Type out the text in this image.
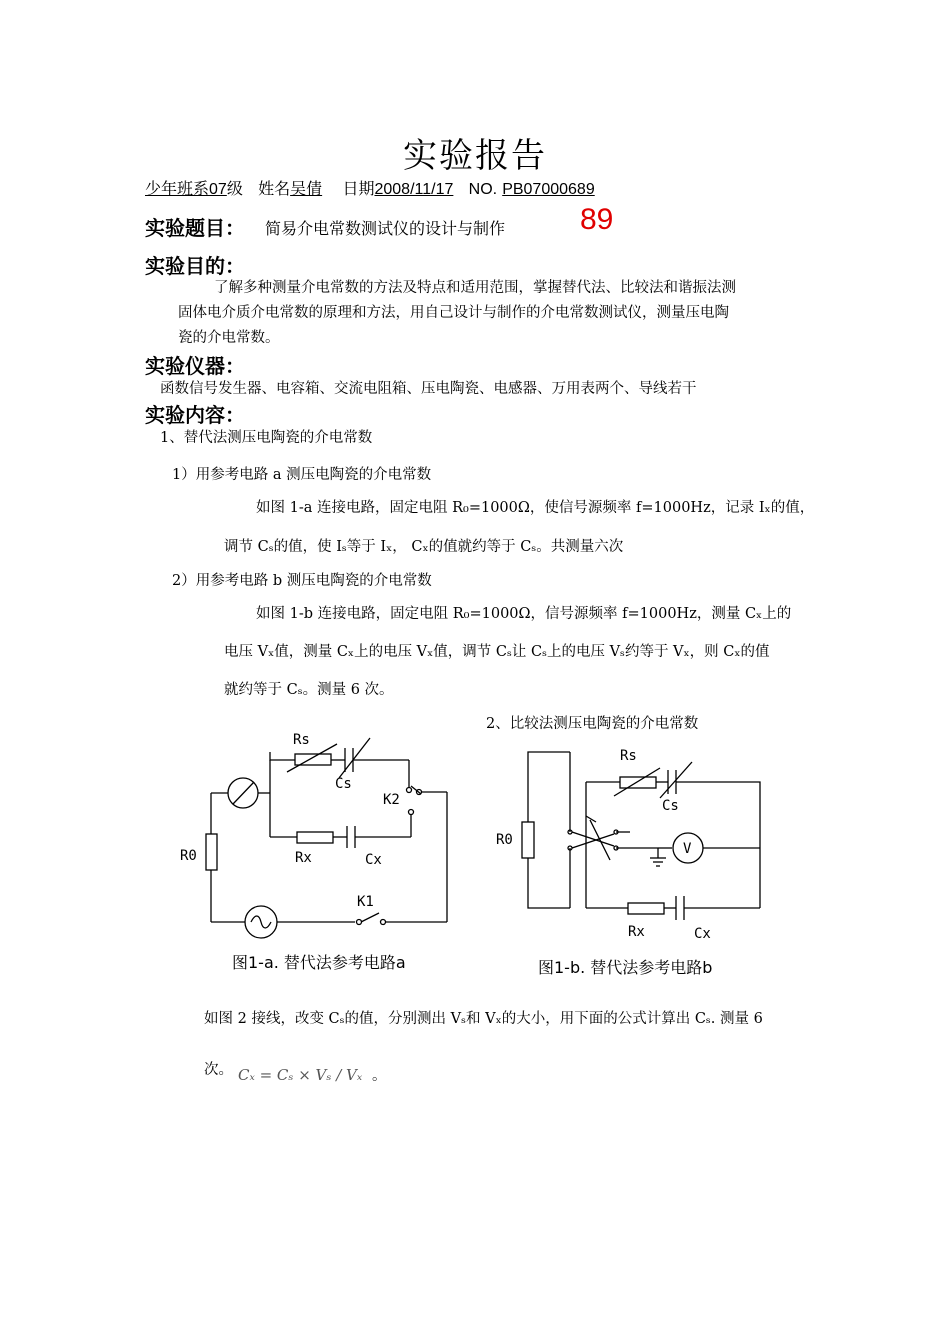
实验报告
少年班系07级 姓名吴倩 日期2008/11/17 NO. PB07000689
实验题目： 简易介电常数测试仪的设计与制作 89
实验目的：
了解多种测量介电常数的方法及特点和适用范围，掌握替代法、比较法和谐振法测
固体电介质介电常数的原理和方法，用自己设计与制作的介电常数测试仪，测量压电陶
瓷的介电常数。
实验仪器：
函数信号发生器、电容箱、交流电阻箱、压电陶瓷、电感器、万用表两个、导线若干
实验内容：
1、替代法测压电陶瓷的介电常数
1）用参考电路 a 测压电陶瓷的介电常数
如图 1-a 连接电路，固定电阻 R₀=1000Ω，使信号源频率 f=1000Hz，记录 Iₓ的值，
调节 Cₛ的值，使 Iₛ等于 Iₓ， Cₓ的值就约等于 Cₛ。共测量六次
2）用参考电路 b 测压电陶瓷的介电常数
如图 1-b 连接电路，固定电阻 R₀=1000Ω，信号源频率 f=1000Hz，测量 Cₓ上的
电压 Vₓ值，测量 Cₓ上的电压 Vₓ值，调节 Cₛ让 Cₛ上的电压 Vₛ约等于 Vₓ，则 Cₓ的值
就约等于 Cₛ。测量 6 次。
2、比较法测压电陶瓷的介电常数
Rs
Cs
K2
R0	Rx	Cx
K1
图1-a. 替代法参考电路a
Rs
Cs
R0
V
Rx	Cx
图1-b. 替代法参考电路b
如图 2 接线，改变 Cₛ的值，分别测出 Vₛ和 Vₓ的大小，用下面的公式计算出 Cₛ. 测量 6
次。 Cₓ = Cₛ × Vₛ / Vₓ 。
